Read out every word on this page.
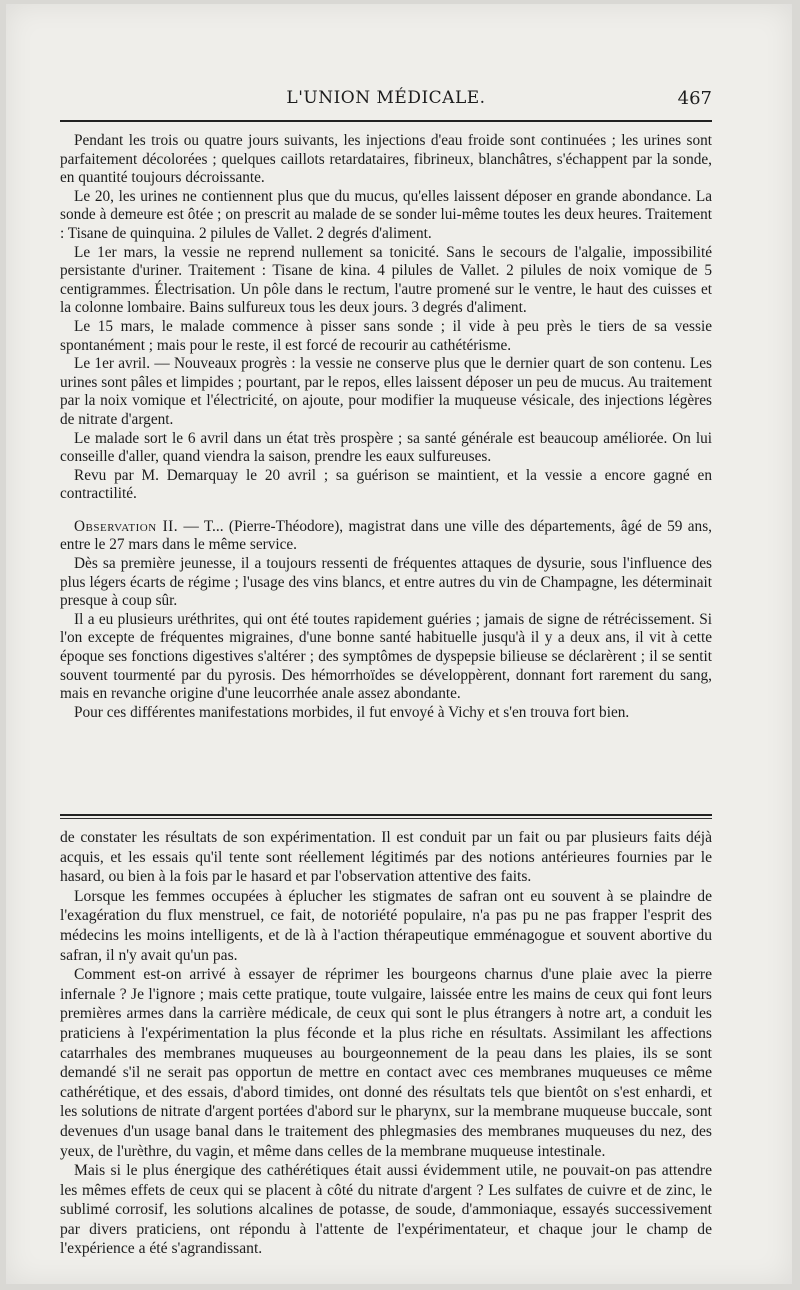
L'UNION MÉDICALE.	467

Pendant les trois ou quatre jours suivants, les injections d'eau froide sont continuées ; les urines sont parfaitement décolorées ; quelques caillots retardataires, fibrineux, blanchâtres, s'échappent par la sonde, en quantité toujours décroissante.

Le 20, les urines ne contiennent plus que du mucus, qu'elles laissent déposer en grande abondance. La sonde à demeure est ôtée ; on prescrit au malade de se sonder lui-même toutes les deux heures. Traitement : Tisane de quinquina. 2 pilules de Vallet. 2 degrés d'aliment.

Le 1er mars, la vessie ne reprend nullement sa tonicité. Sans le secours de l'algalie, impossibilité persistante d'uriner. Traitement : Tisane de kina. 4 pilules de Vallet. 2 pilules de noix vomique de 5 centigrammes. Électrisation. Un pôle dans le rectum, l'autre promené sur le ventre, le haut des cuisses et la colonne lombaire. Bains sulfureux tous les deux jours. 3 degrés d'aliment.

Le 15 mars, le malade commence à pisser sans sonde ; il vide à peu près le tiers de sa vessie spontanément ; mais pour le reste, il est forcé de recourir au cathétérisme.

Le 1er avril. — Nouveaux progrès : la vessie ne conserve plus que le dernier quart de son contenu. Les urines sont pâles et limpides ; pourtant, par le repos, elles laissent déposer un peu de mucus. Au traitement par la noix vomique et l'électricité, on ajoute, pour modifier la muqueuse vésicale, des injections légères de nitrate d'argent.

Le malade sort le 6 avril dans un état très prospère ; sa santé générale est beaucoup améliorée. On lui conseille d'aller, quand viendra la saison, prendre les eaux sulfureuses.

Revu par M. Demarquay le 20 avril ; sa guérison se maintient, et la vessie a encore gagné en contractilité.

Observation II. — T... (Pierre-Théodore), magistrat dans une ville des départements, âgé de 59 ans, entre le 27 mars dans le même service.

Dès sa première jeunesse, il a toujours ressenti de fréquentes attaques de dysurie, sous l'influence des plus légers écarts de régime ; l'usage des vins blancs, et entre autres du vin de Champagne, les déterminait presque à coup sûr.

Il a eu plusieurs uréthrites, qui ont été toutes rapidement guéries ; jamais de signe de rétrécissement. Si l'on excepte de fréquentes migraines, d'une bonne santé habituelle jusqu'à il y a deux ans, il vit à cette époque ses fonctions digestives s'altérer ; des symptômes de dyspepsie bilieuse se déclarèrent ; il se sentit souvent tourmenté par du pyrosis. Des hémorrhoïdes se développèrent, donnant fort rarement du sang, mais en revanche origine d'une leucorrhée anale assez abondante.

Pour ces différentes manifestations morbides, il fut envoyé à Vichy et s'en trouva fort bien.

de constater les résultats de son expérimentation. Il est conduit par un fait ou par plusieurs faits déjà acquis, et les essais qu'il tente sont réellement légitimés par des notions antérieures fournies par le hasard, ou bien à la fois par le hasard et par l'observation attentive des faits.

Lorsque les femmes occupées à éplucher les stigmates de safran ont eu souvent à se plaindre de l'exagération du flux menstruel, ce fait, de notoriété populaire, n'a pas pu ne pas frapper l'esprit des médecins les moins intelligents, et de là à l'action thérapeutique emménagogue et souvent abortive du safran, il n'y avait qu'un pas.

Comment est-on arrivé à essayer de réprimer les bourgeons charnus d'une plaie avec la pierre infernale ? Je l'ignore ; mais cette pratique, toute vulgaire, laissée entre les mains de ceux qui font leurs premières armes dans la carrière médicale, de ceux qui sont le plus étrangers à notre art, a conduit les praticiens à l'expérimentation la plus féconde et la plus riche en résultats. Assimilant les affections catarrhales des membranes muqueuses au bourgeonnement de la peau dans les plaies, ils se sont demandé s'il ne serait pas opportun de mettre en contact avec ces membranes muqueuses ce même cathérétique, et des essais, d'abord timides, ont donné des résultats tels que bientôt on s'est enhardi, et les solutions de nitrate d'argent portées d'abord sur le pharynx, sur la membrane muqueuse buccale, sont devenues d'un usage banal dans le traitement des phlegmasies des membranes muqueuses du nez, des yeux, de l'urèthre, du vagin, et même dans celles de la membrane muqueuse intestinale.

Mais si le plus énergique des cathérétiques était aussi évidemment utile, ne pouvait-on pas attendre les mêmes effets de ceux qui se placent à côté du nitrate d'argent ? Les sulfates de cuivre et de zinc, le sublimé corrosif, les solutions alcalines de potasse, de soude, d'ammoniaque, essayés successivement par divers praticiens, ont répondu à l'attente de l'expérimentateur, et chaque jour le champ de l'expérience a été s'agrandissant.
